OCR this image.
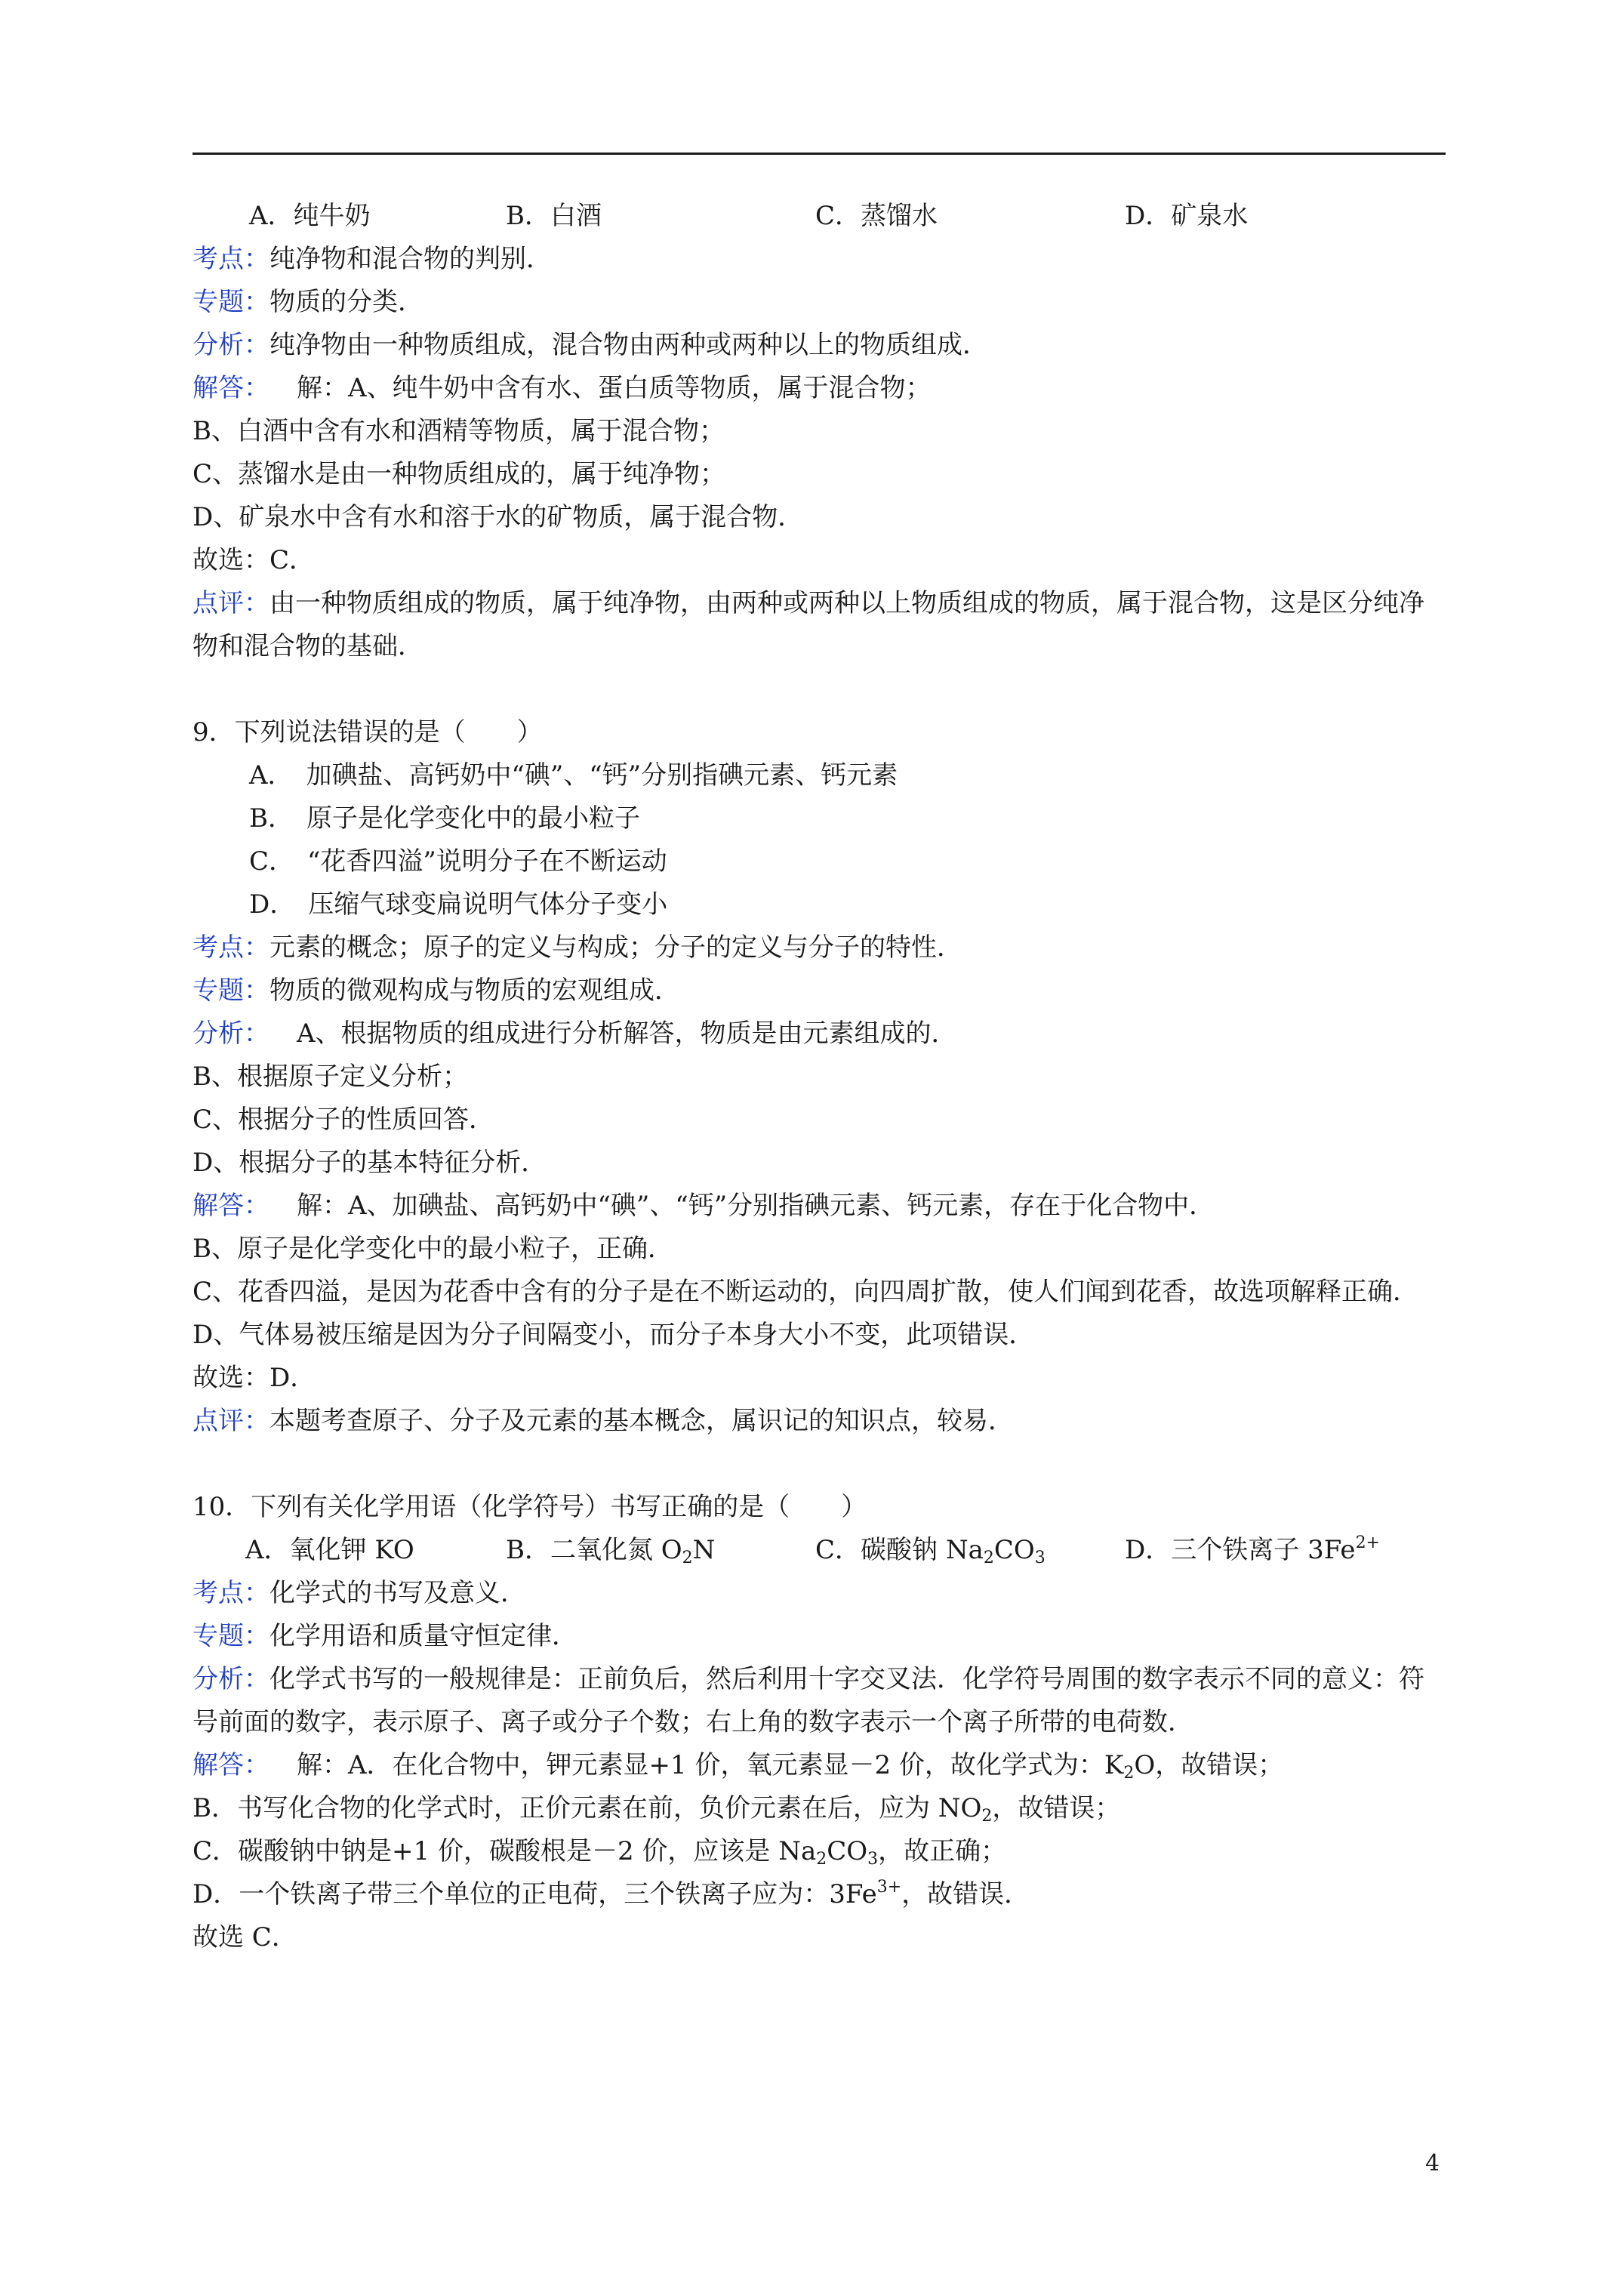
A．纯牛奶	B．白酒	C．蒸馏水	D．矿泉水
考点：纯净物和混合物的判别．
专题：物质的分类．
分析：纯净物由一种物质组成，混合物由两种或两种以上的物质组成．
解答： 解：A、纯牛奶中含有水、蛋白质等物质，属于混合物；
B、白酒中含有水和酒精等物质，属于混合物；
C、蒸馏水是由一种物质组成的，属于纯净物；
D、矿泉水中含有水和溶于水的矿物质，属于混合物．
故选：C．
点评：由一种物质组成的物质，属于纯净物，由两种或两种以上物质组成的物质，属于混合物，这是区分纯净物和混合物的基础．
9．下列说法错误的是（　　）
A．　加碘盐、高钙奶中“碘”、“钙”分别指碘元素、钙元素
B．　原子是化学变化中的最小粒子
C．　“花香四溢”说明分子在不断运动
D．　压缩气球变扁说明气体分子变小
考点：元素的概念；原子的定义与构成；分子的定义与分子的特性．
专题：物质的微观构成与物质的宏观组成．
分析： A、根据物质的组成进行分析解答，物质是由元素组成的．
B、根据原子定义分析；
C、根据分子的性质回答．
D、根据分子的基本特征分析．
解答： 解：A、加碘盐、高钙奶中“碘”、“钙”分别指碘元素、钙元素，存在于化合物中．
B、原子是化学变化中的最小粒子，正确．
C、花香四溢，是因为花香中含有的分子是在不断运动的，向四周扩散，使人们闻到花香，故选项解释正确．
D、气体易被压缩是因为分子间隔变小，而分子本身大小不变，此项错误．
故选：D．
点评：本题考查原子、分子及元素的基本概念，属识记的知识点，较易．
10．下列有关化学用语（化学符号）书写正确的是（　　）
A．氧化钾 KO	B．二氧化氮 $O_2N$	C．碳酸钠 $Na_2CO_3$	D．三个铁离子 $3Fe^{2+}$
考点：化学式的书写及意义．
专题：化学用语和质量守恒定律．
分析：化学式书写的一般规律是：正前负后，然后利用十字交叉法．化学符号周围的数字表示不同的意义：符号前面的数字，表示原子、离子或分子个数；右上角的数字表示一个离子所带的电荷数．
解答： 解：A．在化合物中，钾元素显+1 价，氧元素显－2 价，故化学式为：$K_2O$，故错误；
B．书写化合物的化学式时，正价元素在前，负价元素在后，应为 $NO_2$，故错误；
C．碳酸钠中钠是+1 价，碳酸根是－2 价，应该是 $Na_2CO_3$，故正确；
D．一个铁离子带三个单位的正电荷，三个铁离子应为：$3Fe^{3+}$，故错误．
故选 C．
4
